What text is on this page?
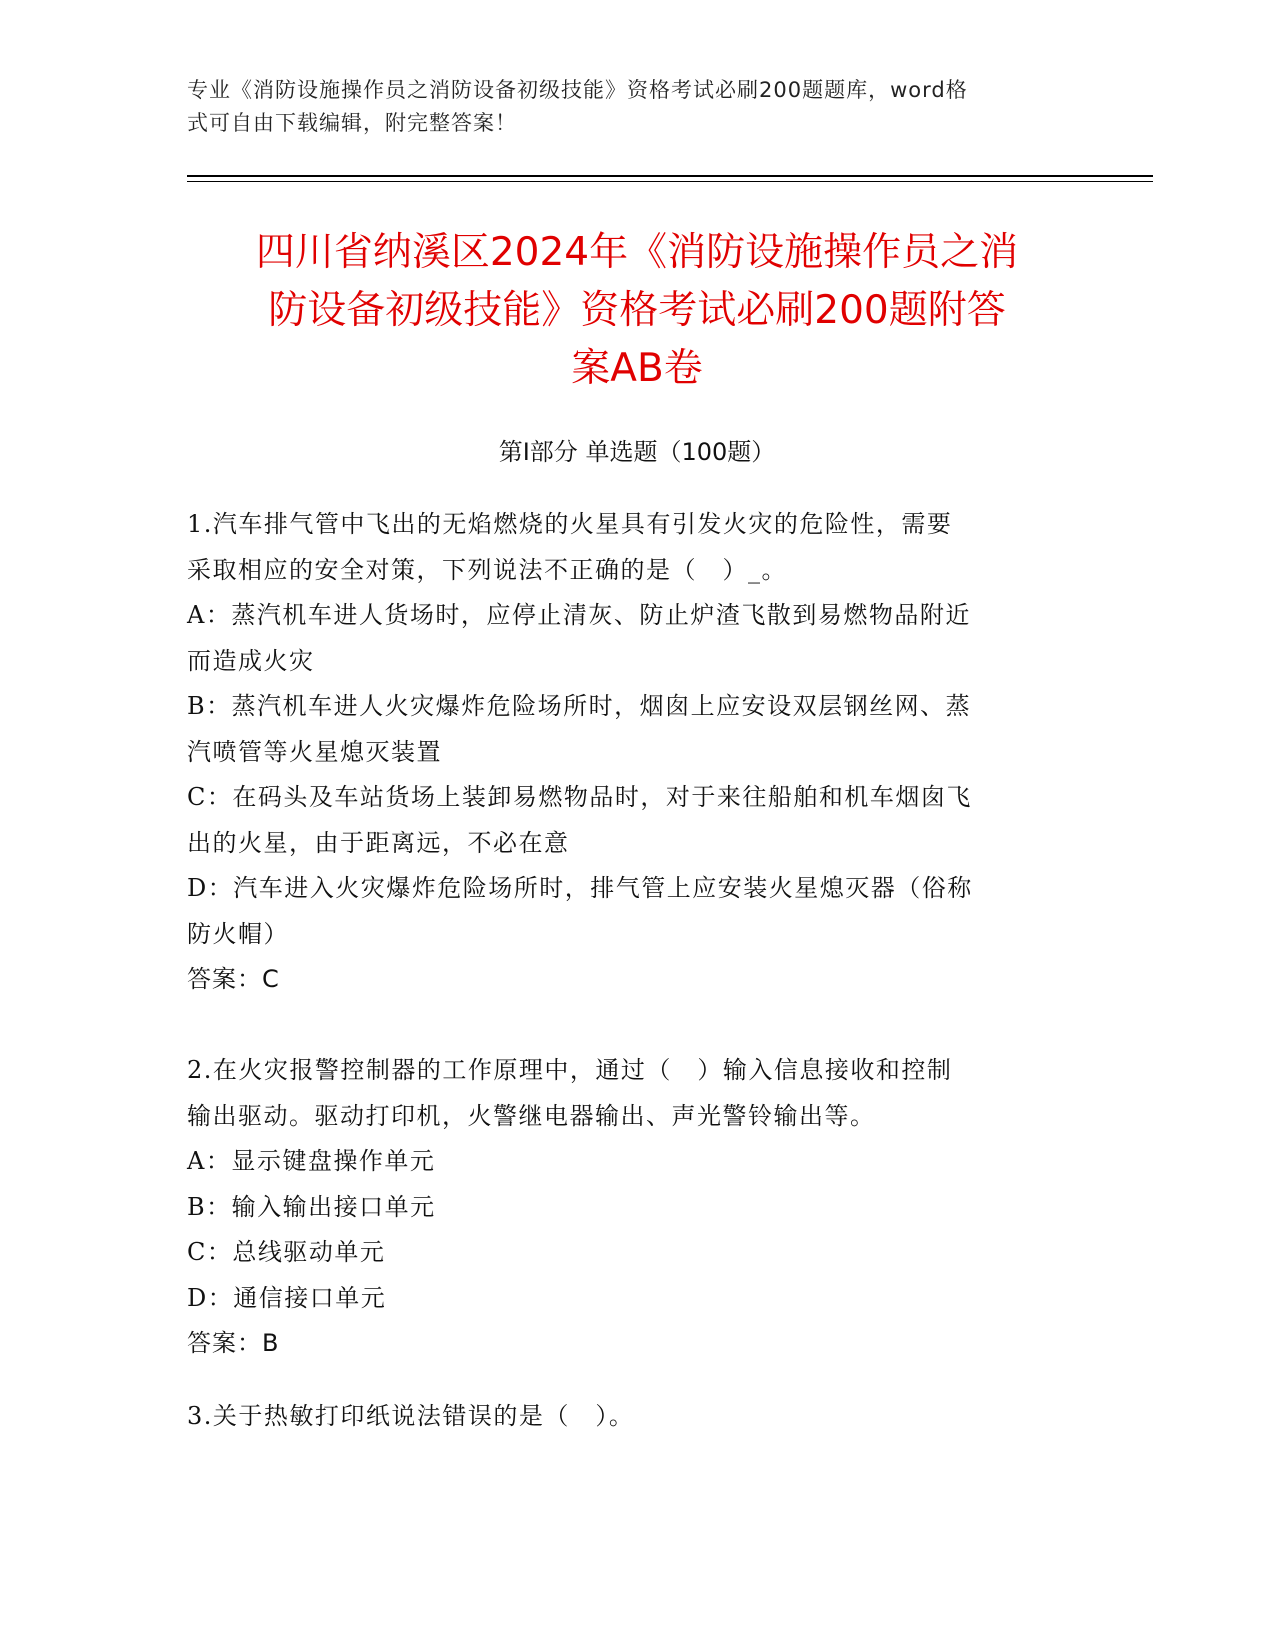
专业《消防设施操作员之消防设备初级技能》资格考试必刷200题题库，word格
式可自由下载编辑，附完整答案！
四川省纳溪区2024年《消防设施操作员之消
防设备初级技能》资格考试必刷200题附答
案AB卷
第Ⅰ部分 单选题（100题）
1.汽车排气管中飞出的无焰燃烧的火星具有引发火灾的危险性，需要
采取相应的安全对策，下列说法不正确的是（　）_。
A：蒸汽机车进人货场时，应停止清灰、防止炉渣飞散到易燃物品附近
而造成火灾
B：蒸汽机车进人火灾爆炸危险场所时，烟囱上应安设双层钢丝网、蒸
汽喷管等火星熄灭装置
C：在码头及车站货场上装卸易燃物品时，对于来往船舶和机车烟囱飞
出的火星，由于距离远，不必在意
D：汽车进入火灾爆炸危险场所时，排气管上应安装火星熄灭器（俗称
防火帽）
答案：C
2.在火灾报警控制器的工作原理中，通过（　）输入信息接收和控制
输出驱动。驱动打印机，火警继电器输出、声光警铃输出等。
A：显示键盘操作单元
B：输入输出接口单元
C：总线驱动单元
D：通信接口单元
答案：B
3.关于热敏打印纸说法错误的是（　）。
